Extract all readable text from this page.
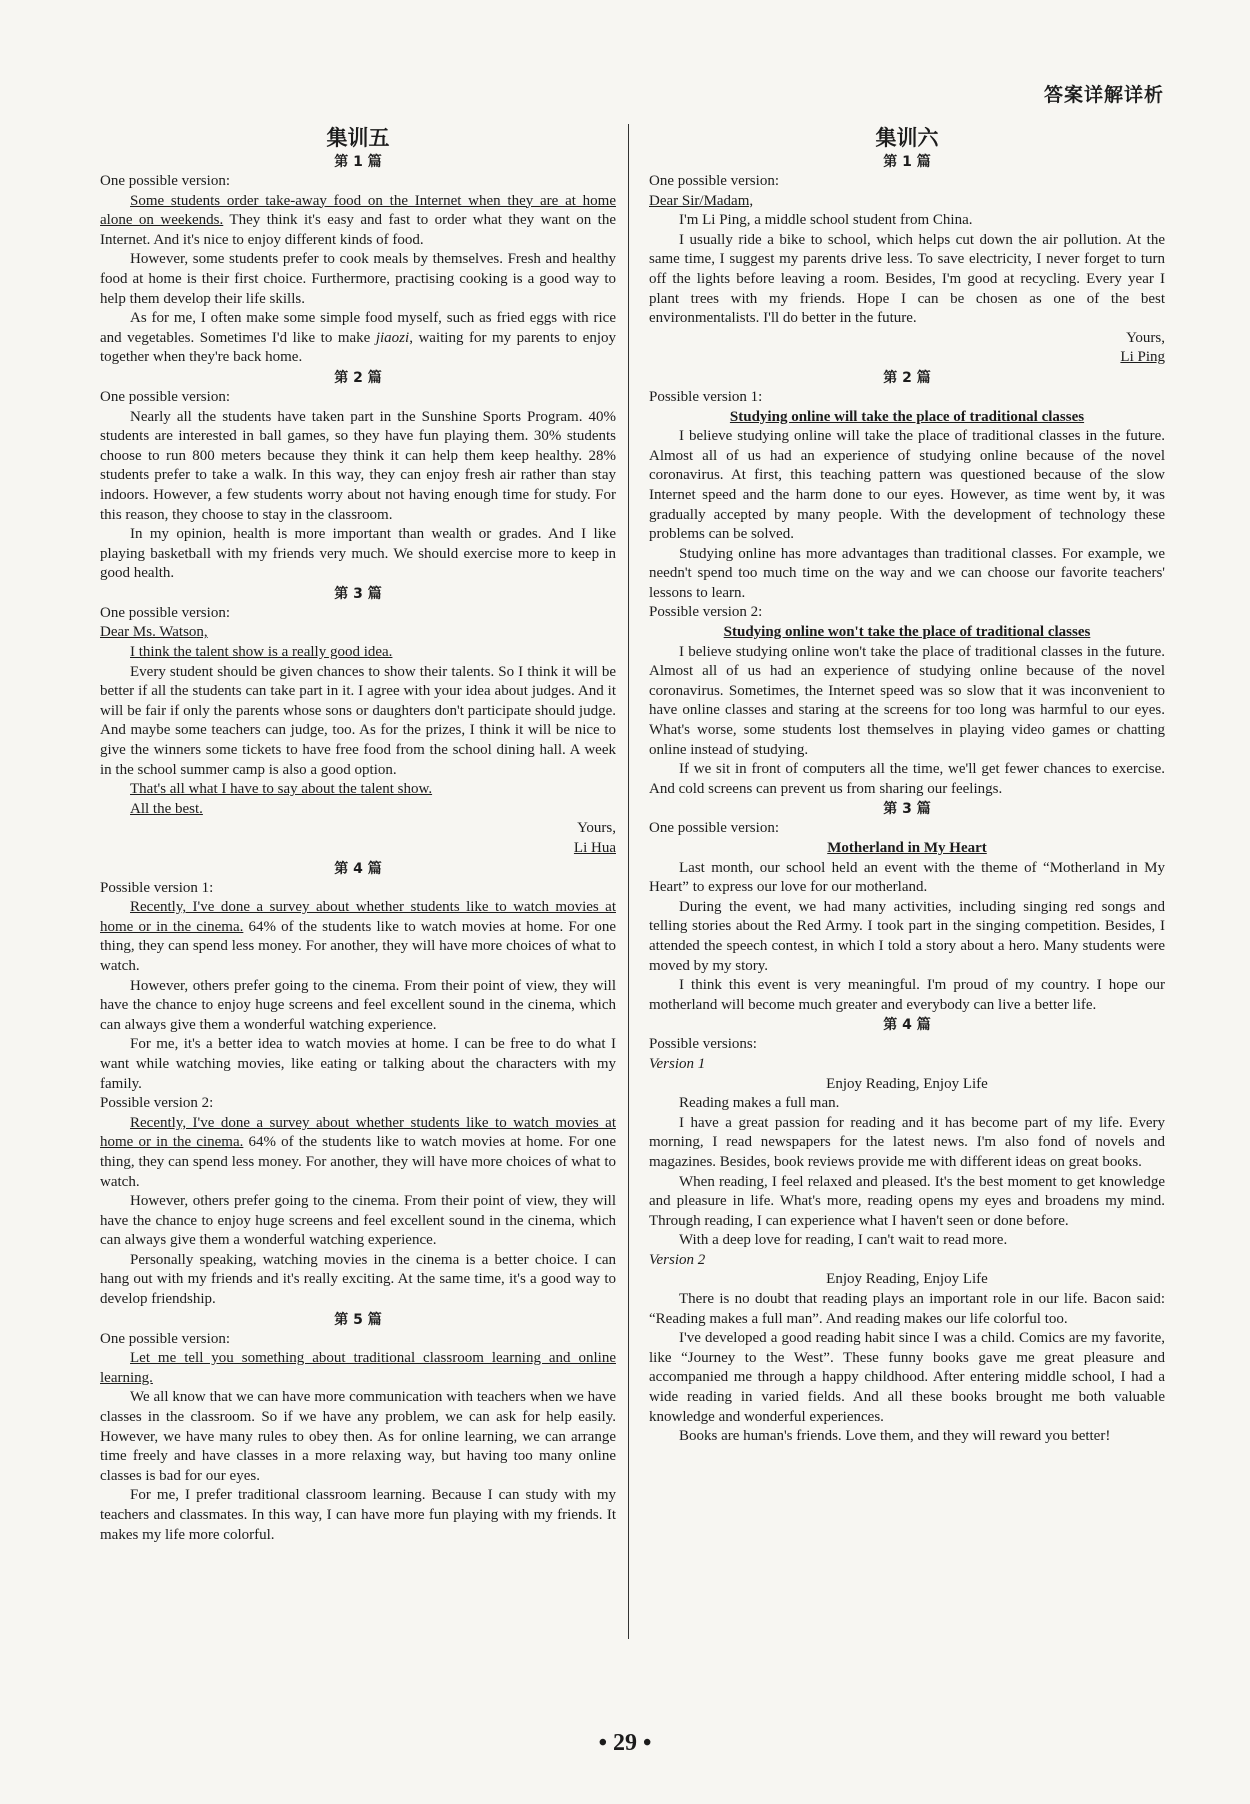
答案详解详析
集训五
第 1 篇

One possible version:

Some students order take-away food on the Internet when they are at home alone on weekends. They think it's easy and fast to order what they want on the Internet. And it's nice to enjoy different kinds of food.

However, some students prefer to cook meals by themselves. Fresh and healthy food at home is their first choice. Furthermore, practising cooking is a good way to help them develop their life skills.

As for me, I often make some simple food myself, such as fried eggs with rice and vegetables. Sometimes I'd like to make jiaozi, waiting for my parents to enjoy together when they're back home.

第 2 篇

One possible version:

Nearly all the students have taken part in the Sunshine Sports Program. 40% students are interested in ball games, so they have fun playing them. 30% students choose to run 800 meters because they think it can help them keep healthy. 28% students prefer to take a walk. In this way, they can enjoy fresh air rather than stay indoors. However, a few students worry about not having enough time for study. For this reason, they choose to stay in the classroom.

In my opinion, health is more important than wealth or grades. And I like playing basketball with my friends very much. We should exercise more to keep in good health.

第 3 篇

One possible version:

Dear Ms. Watson,

I think the talent show is a really good idea.

Every student should be given chances to show their talents. So I think it will be better if all the students can take part in it. I agree with your idea about judges. And it will be fair if only the parents whose sons or daughters don't participate should judge. And maybe some teachers can judge, too. As for the prizes, I think it will be nice to give the winners some tickets to have free food from the school dining hall. A week in the school summer camp is also a good option.

That's all what I have to say about the talent show.

All the best.

Yours,

Li Hua

第 4 篇

Possible version 1:

Recently, I've done a survey about whether students like to watch movies at home or in the cinema. 64% of the students like to watch movies at home. For one thing, they can spend less money. For another, they will have more choices of what to watch.

However, others prefer going to the cinema. From their point of view, they will have the chance to enjoy huge screens and feel excellent sound in the cinema, which can always give them a wonderful watching experience.

For me, it's a better idea to watch movies at home. I can be free to do what I want while watching movies, like eating or talking about the characters with my family.

Possible version 2:

Recently, I've done a survey about whether students like to watch movies at home or in the cinema. 64% of the students like to watch movies at home. For one thing, they can spend less money. For another, they will have more choices of what to watch.

However, others prefer going to the cinema. From their point of view, they will have the chance to enjoy huge screens and feel excellent sound in the cinema, which can always give them a wonderful watching experience.

Personally speaking, watching movies in the cinema is a better choice. I can hang out with my friends and it's really exciting. At the same time, it's a good way to develop friendship.

第 5 篇

One possible version:

Let me tell you something about traditional classroom learning and online learning.

We all know that we can have more communication with teachers when we have classes in the classroom. So if we have any problem, we can ask for help easily. However, we have many rules to obey then. As for online learning, we can arrange time freely and have classes in a more relaxing way, but having too many online classes is bad for our eyes.

For me, I prefer traditional classroom learning. Because I can study with my teachers and classmates. In this way, I can have more fun playing with my friends. It makes my life more colorful.

集训六
第 1 篇

One possible version:

Dear Sir/Madam,

I'm Li Ping, a middle school student from China.

I usually ride a bike to school, which helps cut down the air pollution. At the same time, I suggest my parents drive less. To save electricity, I never forget to turn off the lights before leaving a room. Besides, I'm good at recycling. Every year I plant trees with my friends. Hope I can be chosen as one of the best environmentalists. I'll do better in the future.

Yours,

Li Ping

第 2 篇

Possible version 1:

Studying online will take the place of traditional classes

I believe studying online will take the place of traditional classes in the future. Almost all of us had an experience of studying online because of the novel coronavirus. At first, this teaching pattern was questioned because of the slow Internet speed and the harm done to our eyes. However, as time went by, it was gradually accepted by many people. With the development of technology these problems can be solved.

Studying online has more advantages than traditional classes. For example, we needn't spend too much time on the way and we can choose our favorite teachers' lessons to learn.

Possible version 2:

Studying online won't take the place of traditional classes

I believe studying online won't take the place of traditional classes in the future. Almost all of us had an experience of studying online because of the novel coronavirus. Sometimes, the Internet speed was so slow that it was inconvenient to have online classes and staring at the screens for too long was harmful to our eyes. What's worse, some students lost themselves in playing video games or chatting online instead of studying.

If we sit in front of computers all the time, we'll get fewer chances to exercise. And cold screens can prevent us from sharing our feelings.

第 3 篇

One possible version:

Motherland in My Heart

Last month, our school held an event with the theme of “Motherland in My Heart” to express our love for our motherland.

During the event, we had many activities, including singing red songs and telling stories about the Red Army. I took part in the singing competition. Besides, I attended the speech contest, in which I told a story about a hero. Many students were moved by my story.

I think this event is very meaningful. I'm proud of my country. I hope our motherland will become much greater and everybody can live a better life.

第 4 篇

Possible versions:

Version 1

Enjoy Reading, Enjoy Life

Reading makes a full man.

I have a great passion for reading and it has become part of my life. Every morning, I read newspapers for the latest news. I'm also fond of novels and magazines. Besides, book reviews provide me with different ideas on great books.

When reading, I feel relaxed and pleased. It's the best moment to get knowledge and pleasure in life. What's more, reading opens my eyes and broadens my mind. Through reading, I can experience what I haven't seen or done before.

With a deep love for reading, I can't wait to read more.

Version 2

Enjoy Reading, Enjoy Life

There is no doubt that reading plays an important role in our life. Bacon said: “Reading makes a full man”. And reading makes our life colorful too.

I've developed a good reading habit since I was a child. Comics are my favorite, like “Journey to the West”. These funny books gave me great pleasure and accompanied me through a happy childhood. After entering middle school, I had a wide reading in varied fields. And all these books brought me both valuable knowledge and wonderful experiences.

Books are human's friends. Love them, and they will reward you better!

• 29 •
